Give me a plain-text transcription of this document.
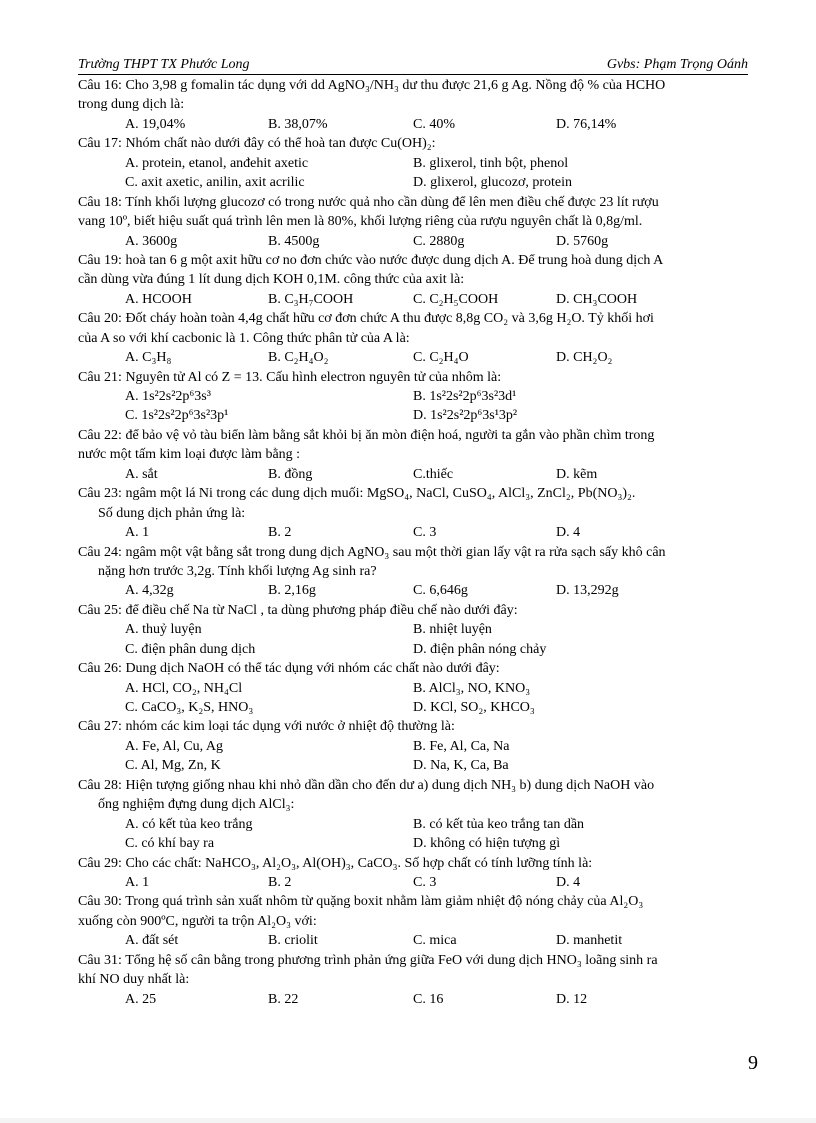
Trường THPT TX Phước Long	Gvbs: Phạm Trọng Oánh
Câu 16: Cho 3,98 g fomalin tác dụng với dd AgNO₃/NH₃ dư thu được 21,6 g Ag. Nồng độ % của HCHO
trong dung dịch là:
A. 19,04%	B. 38,07%	C. 40%	D. 76,14%
Câu 17: Nhóm chất nào dưới đây có thể hoà tan được Cu(OH)₂:
A. protein, etanol, anđehit axetic	B. glixerol, tinh bột, phenol
C. axit axetic, anilin, axit acrilic	D. glixerol, glucozơ, protein
Câu 18: Tính khối lượng glucozơ có trong nước quả nho cần dùng để lên men điều chế được 23 lít rượu
vang 10º, biết hiệu suất quá trình lên men là 80%, khối lượng riêng của rượu nguyên chất là 0,8g/ml.
A. 3600g	B. 4500g	C. 2880g	D. 5760g
Câu 19: hoà tan 6 g một axit hữu cơ no đơn chức vào nước được dung dịch A. Để trung hoà dung dịch A
cần dùng vừa đúng 1 lít dung dịch KOH 0,1M. công thức của axit là:
A. HCOOH	B. C₃H₇COOH	C. C₂H₅COOH	D. CH₃COOH
Câu 20: Đốt cháy hoàn toàn 4,4g chất hữu cơ đơn chức A thu được 8,8g CO₂ và 3,6g H₂O. Tỷ khối hơi
của A so với khí cacbonic là 1. Công thức phân tử của A là:
A. C₃H₈	B. C₂H₄O₂	C. C₂H₄O	D. CH₂O₂
Câu 21: Nguyên tử Al có Z = 13. Cấu hình electron nguyên tử của nhôm là:
A. 1s²2s²2p⁶3s³	B. 1s²2s²2p⁶3s²3d¹
C. 1s²2s²2p⁶3s²3p¹	D. 1s²2s²2p⁶3s¹3p²
Câu 22: để bảo vệ vỏ tàu biển làm bằng sắt khỏi bị ăn mòn điện hoá, người ta gắn vào phần chìm trong
nước một tấm kim loại được làm bằng :
A. sắt	B. đồng	C.thiếc	D. kẽm
Câu 23: ngâm một lá Ni trong các dung dịch muối: MgSO₄, NaCl, CuSO₄, AlCl₃, ZnCl₂, Pb(NO₃)₂.
Số dung dịch phản ứng là:
A. 1	B. 2	C. 3	D. 4
Câu 24: ngâm một vật bằng sắt trong dung dịch AgNO₃ sau một thời gian lấy vật ra rửa sạch sấy khô cân
nặng hơn trước 3,2g. Tính khối lượng Ag sinh ra?
A. 4,32g	B. 2,16g	C. 6,646g	D. 13,292g
Câu 25: để điều chế Na từ NaCl , ta dùng phương pháp điều chế nào dưới đây:
A. thuỷ luyện	B. nhiệt luyện
C. điện phân dung dịch	D. điện phân nóng chảy
Câu 26: Dung dịch NaOH có thể tác dụng với nhóm các chất nào dưới đây:
A. HCl, CO₂, NH₄Cl	B. AlCl₃, NO, KNO₃
C. CaCO₃, K₂S, HNO₃	D. KCl, SO₂, KHCO₃
Câu 27: nhóm các kim loại tác dụng với nước ở nhiệt độ thường là:
A. Fe, Al, Cu, Ag	B. Fe, Al, Ca, Na
C. Al, Mg, Zn, K	D. Na, K, Ca, Ba
Câu 28: Hiện tượng giống nhau khi nhỏ dần dần cho đến dư a) dung dịch NH₃ b) dung dịch NaOH vào
ống nghiệm đựng dung dịch AlCl₃:
A. có kết tủa keo trắng	B. có kết tủa keo trắng tan dần
C. có khí bay ra	D. không có hiện tượng gì
Câu 29: Cho các chất: NaHCO₃, Al₂O₃, Al(OH)₃, CaCO₃. Số hợp chất có tính lưỡng tính là:
A. 1	B. 2	C. 3	D. 4
Câu 30: Trong quá trình sản xuất nhôm từ quặng boxit nhằm làm giảm nhiệt độ nóng chảy của Al₂O₃
xuống còn 900ºC, người ta trộn Al₂O₃ với:
A. đất sét	B. criolit	C. mica	D. manhetit
Câu 31: Tổng hệ số cân bằng trong phương trình phản ứng giữa FeO với dung dịch HNO₃ loãng sinh ra
khí NO duy nhất là:
A. 25	B. 22	C. 16	D. 12
9
